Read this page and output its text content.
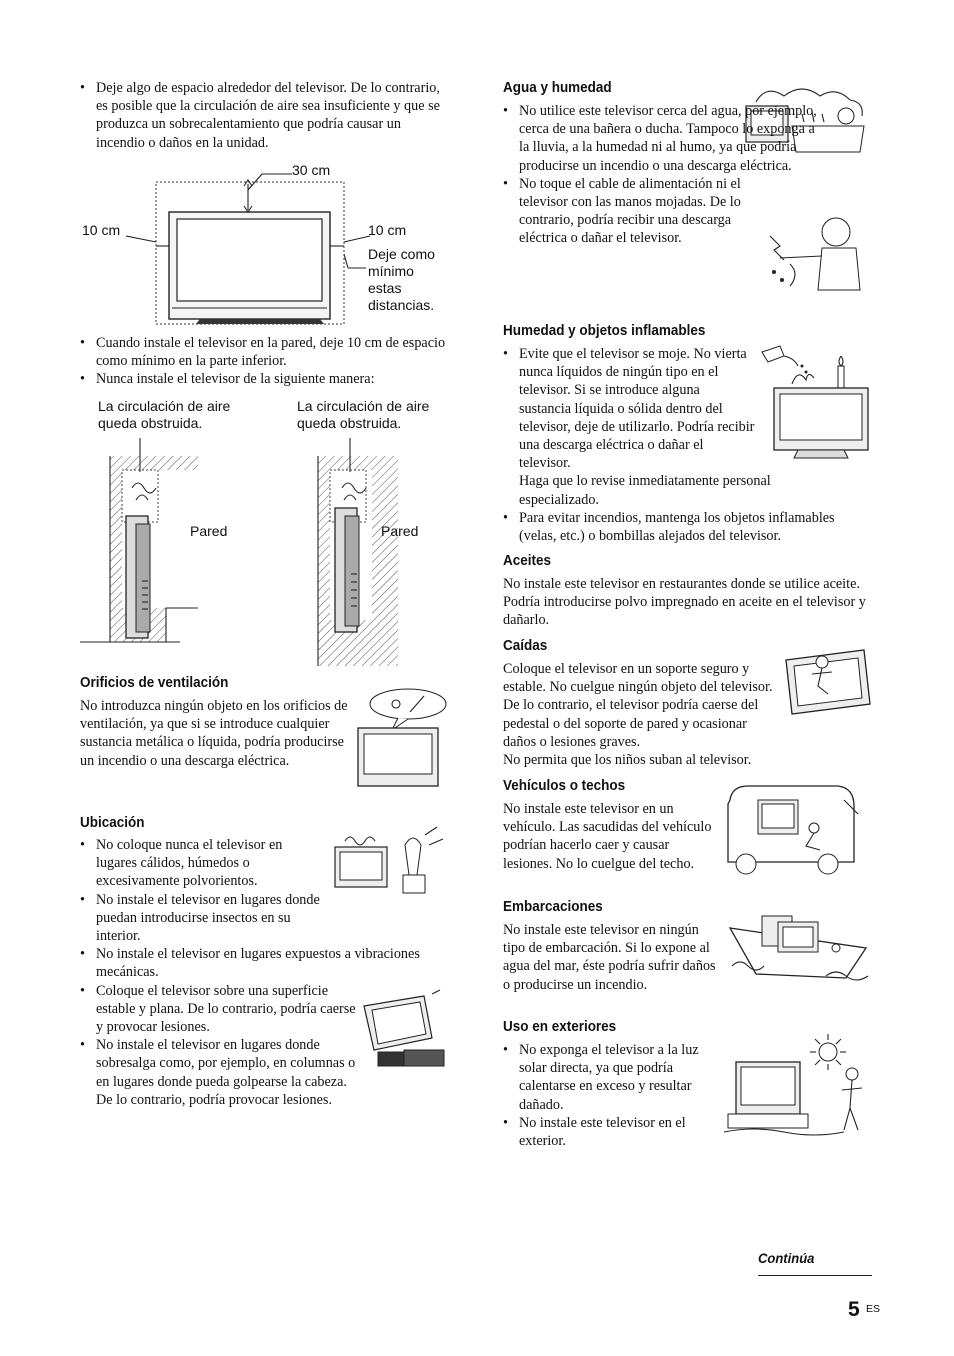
• Deje algo de espacio alrededor del televisor. De lo contrario, es posible que la circulación de aire sea insuficiente y que se produzca un sobrecalentamiento que podría causar un incendio o daños en la unidad.
30 cm
10 cm	10 cm
Deje como
mínimo
estas
distancias.
• Cuando instale el televisor en la pared, deje 10 cm de espacio como mínimo en la parte inferior.
• Nunca instale el televisor de la siguiente manera:
La circulación de aire
queda obstruida.
La circulación de aire
queda obstruida.
Pared	Pared
Orificios de ventilación

No introduzca ningún objeto en los orificios de ventilación, ya que si se introduce cualquier sustancia metálica o líquida, podría producirse un incendio o una descarga eléctrica.

Ubicación
• No coloque nunca el televisor en lugares cálidos, húmedos o excesivamente polvorientos.
• No instale el televisor en lugares donde puedan introducirse insectos en su interior.
• No instale el televisor en lugares expuestos a vibraciones mecánicas.
• Coloque el televisor sobre una superficie estable y plana. De lo contrario, podría caerse y provocar lesiones.
• No instale el televisor en lugares donde sobresalga como, por ejemplo, en columnas o en lugares donde pueda golpearse la cabeza. De lo contrario, podría provocar lesiones.
Agua y humedad
• No utilice este televisor cerca del agua, por ejemplo, cerca de una bañera o ducha. Tampoco lo exponga a la lluvia, a la humedad ni al humo, ya que podría producirse un incendio o una descarga eléctrica.
• No toque el cable de alimentación ni el televisor con las manos mojadas. De lo contrario, podría recibir una descarga eléctrica o dañar el televisor.
Humedad y objetos inflamables

• Evite que el televisor se moje. No vierta nunca líquidos de ningún tipo en el televisor. Si se introduce alguna sustancia líquida o sólida dentro del televisor, deje de utilizarlo. Podría recibir una descarga eléctrica o dañar el televisor.

Haga que lo revise inmediatamente personal especializado.

• Para evitar incendios, mantenga los objetos inflamables (velas, etc.) o bombillas alejados del televisor.
Aceites

No instale este televisor en restaurantes donde se utilice aceite. Podría introducirse polvo impregnado en aceite en el televisor y dañarlo.

Caídas

Coloque el televisor en un soporte seguro y estable. No cuelgue ningún objeto del televisor. De lo contrario, el televisor podría caerse del pedestal o del soporte de pared y ocasionar daños o lesiones graves.

No permita que los niños suban al televisor.

Vehículos o techos

No instale este televisor en un vehículo. Las sacudidas del vehículo podrían hacerlo caer y causar lesiones. No lo cuelgue del techo.

Embarcaciones

No instale este televisor en ningún tipo de embarcación. Si lo expone al agua del mar, éste podría sufrir daños o producirse un incendio.

Uso en exteriores
• No exponga el televisor a la luz solar directa, ya que podría calentarse en exceso y resultar dañado.
• No instale este televisor en el exterior.
Continúa
5 ES
